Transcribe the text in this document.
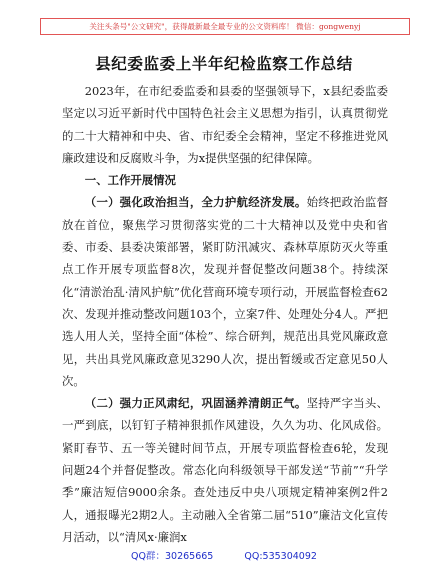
关注头条号"公文研究"，获得最新最全最专业的公文资料库！ 微信：gongwenyj
县纪委监委上半年纪检监察工作总结

2023年，在市纪委监委和县委的坚强领导下，x县纪委监委坚定以习近平新时代中国特色社会主义思想为指引，认真贯彻党的二十大精神和中央、省、市纪委全会精神，坚定不移推进党风廉政建设和反腐败斗争，为x提供坚强的纪律保障。

一、工作开展情况

（一）强化政治担当，全力护航经济发展。始终把政治监督放在首位，聚焦学习贯彻落实党的二十大精神以及党中央和省委、市委、县委决策部署，紧盯防汛减灾、森林草原防灭火等重点工作开展专项监督8次，发现并督促整改问题38个。持续深化“清淤治乱·清风护航”优化营商环境专项行动，开展监督检查62次、发现并推动整改问题103个，立案7件、处理处分4人。严把选人用人关，坚持全面“体检”、综合研判，规范出具党风廉政意见，共出具党风廉政意见3290人次，提出暂缓或否定意见50人次。

（二）强力正风肃纪，巩固涵养清朗正气。坚持严字当头、一严到底，以钉钉子精神狠抓作风建设，久久为功、化风成俗。紧盯春节、五一等关键时间节点，开展专项监督检查6轮，发现问题24个并督促整改。常态化向科级领导干部发送“节前”“升学季”廉洁短信9000余条。查处违反中央八项规定精神案例2件2人，通报曝光2期2人。主动融入全省第二届“510”廉洁文化宣传月活动，以“清风x·廉润x

QQ群：30265665	QQ:535304092
